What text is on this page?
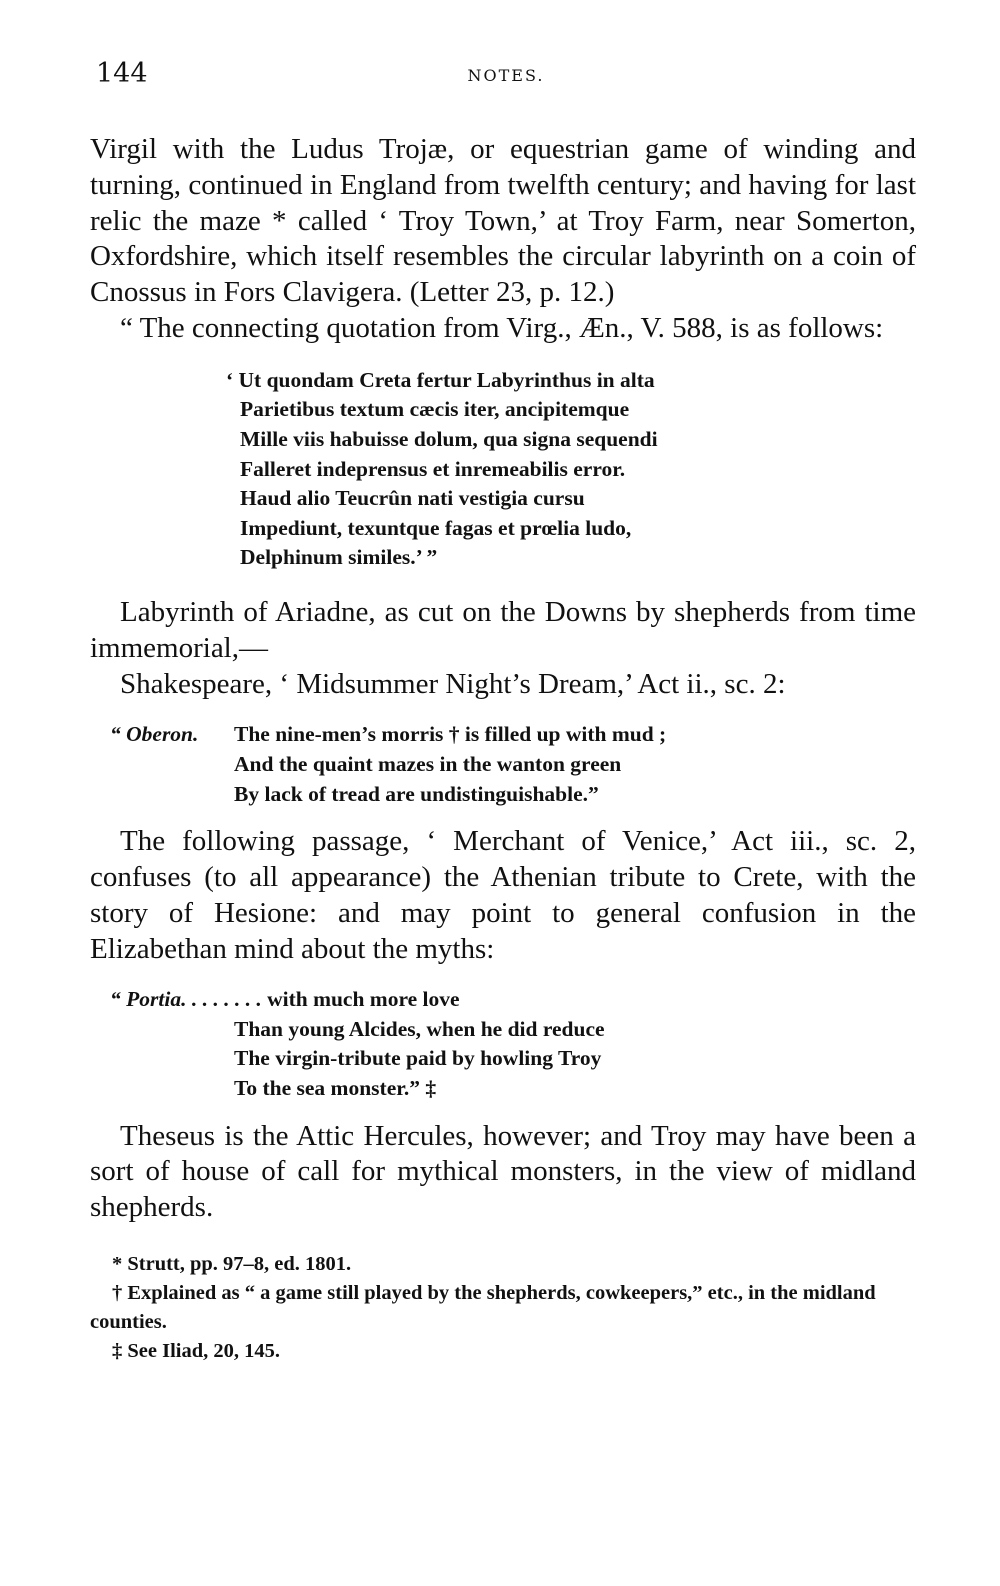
144	NOTES.

Virgil with the Ludus Trojæ, or equestrian game of winding and turning, continued in England from twelfth century; and having for last relic the maze * called ‘ Troy Town,’ at Troy Farm, near Somerton, Oxfordshire, which itself resembles the circular labyrinth on a coin of Cnossus in Fors Clavigera. (Letter 23, p. 12.)

“ The connecting quotation from Virg., Æn., V. 588, is as follows:

‘ Ut quondam Creta fertur Labyrinthus in alta
Parietibus textum cæcis iter, ancipitemque
Mille viis habuisse dolum, qua signa sequendi
Falleret indeprensus et inremeabilis error.
Haud alio Teucrûn nati vestigia cursu
Impediunt, texuntque fagas et prœlia ludo,
Delphinum similes.’ ”

Labyrinth of Ariadne, as cut on the Downs by shepherds from time immemorial,—

Shakespeare, ‘ Midsummer Night’s Dream,’ Act ii., sc. 2:

“ Oberon. The nine-men’s morris † is filled up with mud ;
And the quaint mazes in the wanton green
By lack of tread are undistinguishable.”

The following passage, ‘ Merchant of Venice,’ Act iii., sc. 2, confuses (to all appearance) the Athenian tribute to Crete, with the story of Hesione: and may point to general confusion in the Elizabethan mind about the myths:

“ Portia. . . . . . . . with much more love
Than young Alcides, when he did reduce
The virgin-tribute paid by howling Troy
To the sea monster.” ‡

Theseus is the Attic Hercules, however; and Troy may have been a sort of house of call for mythical monsters, in the view of midland shepherds.

* Strutt, pp. 97–8, ed. 1801.

† Explained as “ a game still played by the shepherds, cowkeepers,” etc., in the midland counties.

‡ See Iliad, 20, 145.
